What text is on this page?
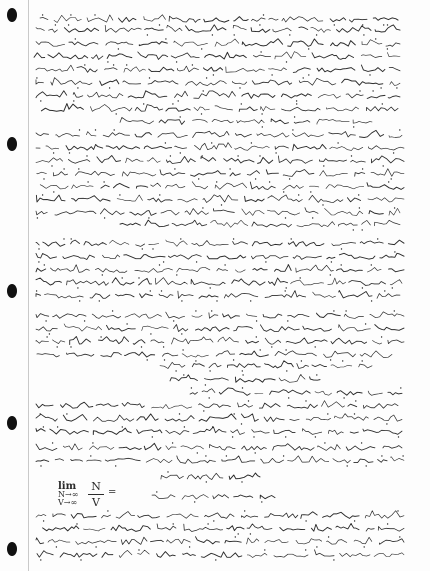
lim
N→∞
V→∞
N
V
=
